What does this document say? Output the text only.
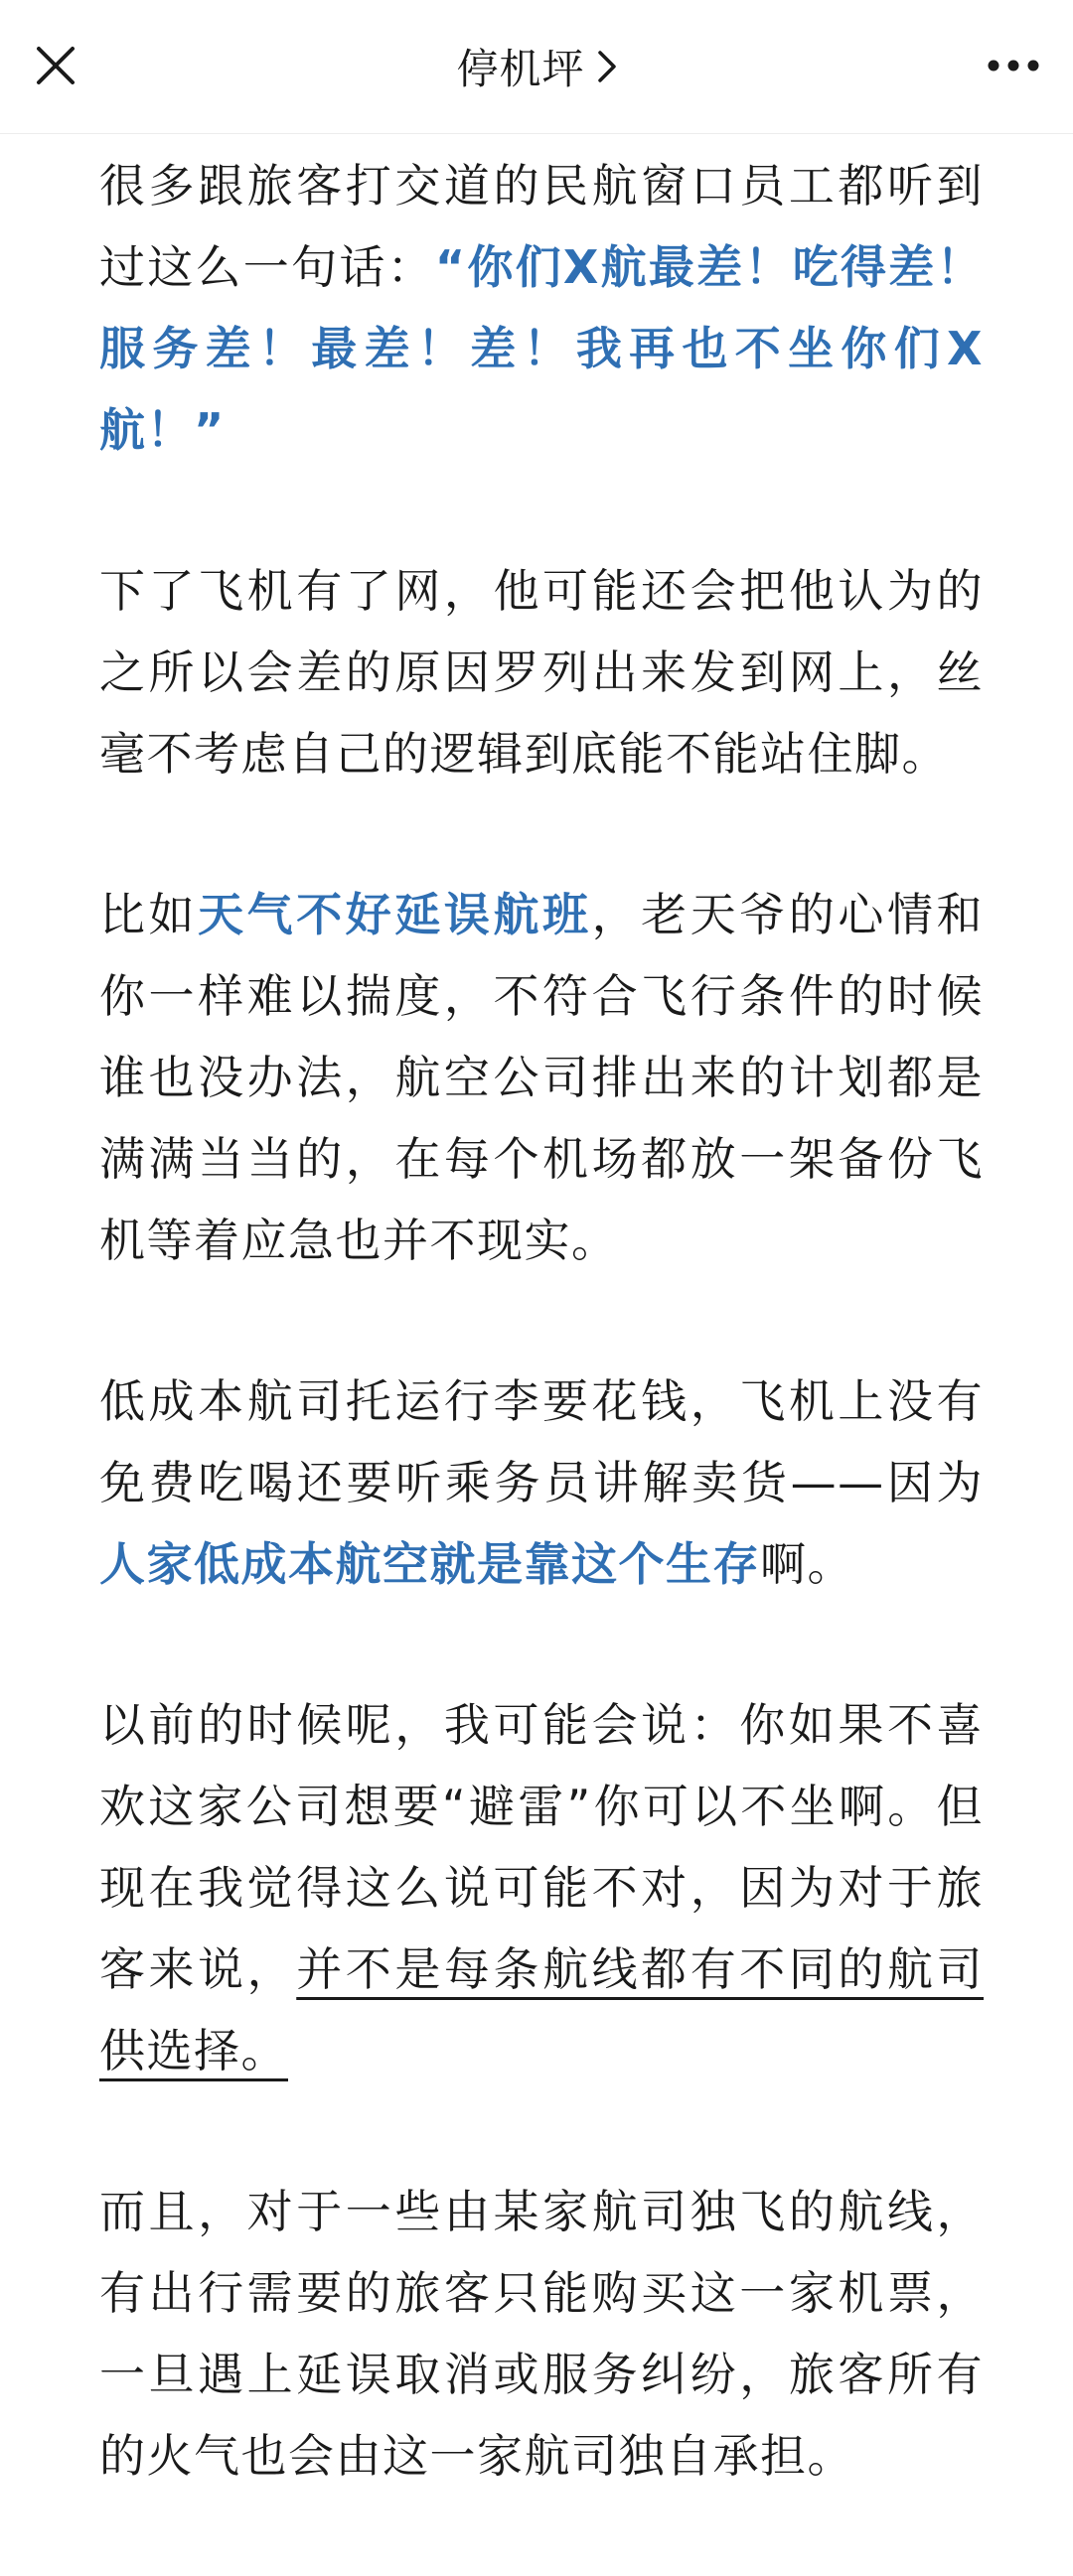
停机坪

很多跟旅客打交道的民航窗口员工都听到过这么一句话：“你们X航最差！吃得差！服务差！最差！差！我再也不坐你们X航！”

下了飞机有了网，他可能还会把他认为的之所以会差的原因罗列出来发到网上，丝毫不考虑自己的逻辑到底能不能站住脚。

比如天气不好延误航班，老天爷的心情和你一样难以揣度，不符合飞行条件的时候谁也没办法，航空公司排出来的计划都是满满当当的，在每个机场都放一架备份飞机等着应急也并不现实。

低成本航司托运行李要花钱，飞机上没有免费吃喝还要听乘务员讲解卖货——因为人家低成本航空就是靠这个生存啊。

以前的时候呢，我可能会说：你如果不喜欢这家公司想要“避雷”你可以不坐啊。但现在我觉得这么说可能不对，因为对于旅客来说，并不是每条航线都有不同的航司供选择。

而且，对于一些由某家航司独飞的航线，有出行需要的旅客只能购买这一家机票，一旦遇上延误取消或服务纠纷，旅客所有的火气也会由这一家航司独自承担。
